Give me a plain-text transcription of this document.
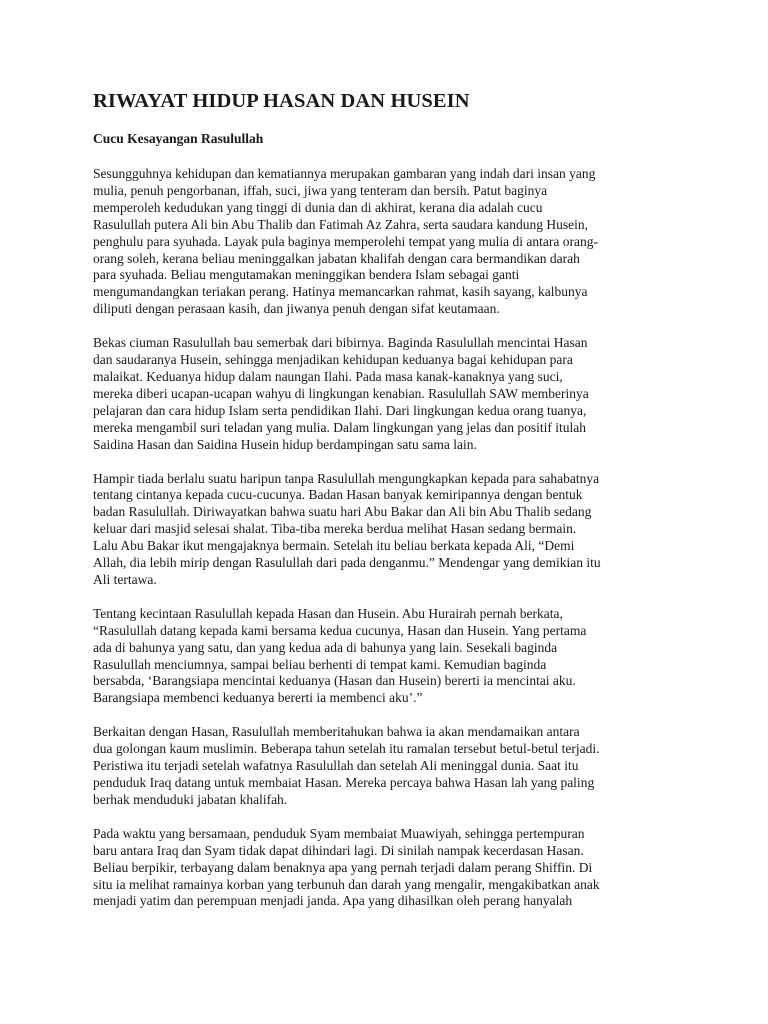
RIWAYAT HIDUP HASAN DAN HUSEIN
Cucu Kesayangan Rasulullah

Sesungguhnya kehidupan dan kematiannya merupakan gambaran yang indah dari insan yang
mulia, penuh pengorbanan, iffah, suci, jiwa yang tenteram dan bersih. Patut baginya
memperoleh kedudukan yang tinggi di dunia dan di akhirat, kerana dia adalah cucu
Rasulullah putera Ali bin Abu Thalib dan Fatimah Az Zahra, serta saudara kandung Husein,
penghulu para syuhada. Layak pula baginya memperolehi tempat yang mulia di antara orang-
orang soleh, kerana beliau meninggalkan jabatan khalifah dengan cara bermandikan darah
para syuhada. Beliau mengutamakan meninggikan bendera Islam sebagai ganti
mengumandangkan teriakan perang. Hatinya memancarkan rahmat, kasih sayang, kalbunya
diliputi dengan perasaan kasih, dan jiwanya penuh dengan sifat keutamaan.

Bekas ciuman Rasulullah bau semerbak dari bibirnya. Baginda Rasulullah mencintai Hasan
dan saudaranya Husein, sehingga menjadikan kehidupan keduanya bagai kehidupan para
malaikat. Keduanya hidup dalam naungan Ilahi. Pada masa kanak-kanaknya yang suci,
mereka diberi ucapan-ucapan wahyu di lingkungan kenabian. Rasulullah SAW memberinya
pelajaran dan cara hidup Islam serta pendidikan Ilahi. Dari lingkungan kedua orang tuanya,
mereka mengambil suri teladan yang mulia. Dalam lingkungan yang jelas dan positif itulah
Saidina Hasan dan Saidina Husein hidup berdampingan satu sama lain.

Hampir tiada berlalu suatu haripun tanpa Rasulullah mengungkapkan kepada para sahabatnya
tentang cintanya kepada cucu-cucunya. Badan Hasan banyak kemiripannya dengan bentuk
badan Rasulullah. Diriwayatkan bahwa suatu hari Abu Bakar dan Ali bin Abu Thalib sedang
keluar dari masjid selesai shalat. Tiba-tiba mereka berdua melihat Hasan sedang bermain.
Lalu Abu Bakar ikut mengajaknya bermain. Setelah itu beliau berkata kepada Ali, “Demi
Allah, dia lebih mirip dengan Rasulullah dari pada denganmu.” Mendengar yang demikian itu
Ali tertawa.

Tentang kecintaan Rasulullah kepada Hasan dan Husein. Abu Hurairah pernah berkata,
“Rasulullah datang kepada kami bersama kedua cucunya, Hasan dan Husein. Yang pertama
ada di bahunya yang satu, dan yang kedua ada di bahunya yang lain. Sesekali baginda
Rasulullah menciumnya, sampai beliau berhenti di tempat kami. Kemudian baginda
bersabda, ‘Barangsiapa mencintai keduanya (Hasan dan Husein) bererti ia mencintai aku.
Barangsiapa membenci keduanya bererti ia membenci aku’.”

Berkaitan dengan Hasan, Rasulullah memberitahukan bahwa ia akan mendamaikan antara
dua golongan kaum muslimin. Beberapa tahun setelah itu ramalan tersebut betul-betul terjadi.
Peristiwa itu terjadi setelah wafatnya Rasulullah dan setelah Ali meninggal dunia. Saat itu
penduduk Iraq datang untuk membaiat Hasan. Mereka percaya bahwa Hasan lah yang paling
berhak menduduki jabatan khalifah.

Pada waktu yang bersamaan, penduduk Syam membaiat Muawiyah, sehingga pertempuran
baru antara Iraq dan Syam tidak dapat dihindari lagi. Di sinilah nampak kecerdasan Hasan.
Beliau berpikir, terbayang dalam benaknya apa yang pernah terjadi dalam perang Shiffin. Di
situ ia melihat ramainya korban yang terbunuh dan darah yang mengalir, mengakibatkan anak
menjadi yatim dan perempuan menjadi janda. Apa yang dihasilkan oleh perang hanyalah
